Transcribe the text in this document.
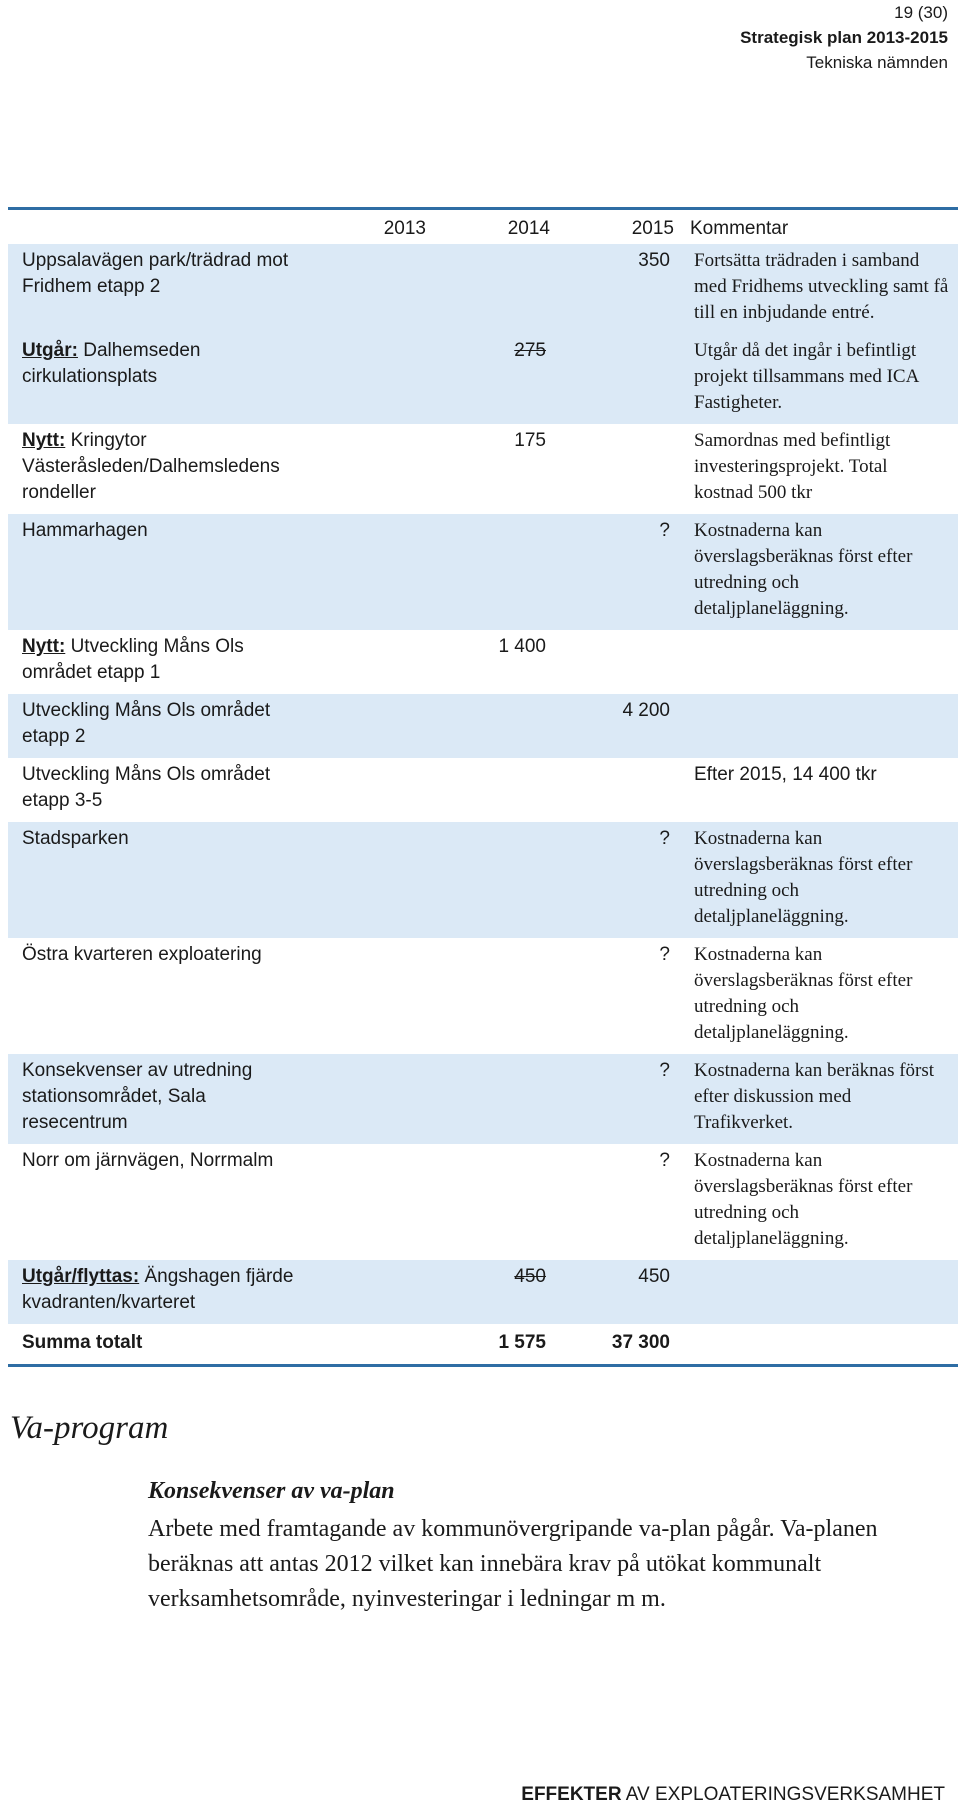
19 (30)
Strategisk plan 2013-2015
Tekniska nämnden
	2013	2014	2015	Kommentar
Uppsalavägen park/trädrad mot Fridhem etapp 2			350	Fortsätta trädraden i samband med Fridhems utveckling samt få till en inbjudande entré.
Utgår: Dalhemseden cirkulationsplats		275		Utgår då det ingår i befintligt projekt tillsammans med ICA Fastigheter.
Nytt: Kringytor Västeråsleden/Dalhemsledens rondeller		175		Samordnas med befintligt investeringsprojekt. Total kostnad 500 tkr
Hammarhagen			?	Kostnaderna kan överslagsberäknas först efter utredning och detaljplaneläggning.
Nytt: Utveckling Måns Ols området etapp 1		1 400		
Utveckling Måns Ols området etapp 2			4 200	
Utveckling Måns Ols området etapp 3-5				Efter 2015, 14 400 tkr
Stadsparken			?	Kostnaderna kan överslagsberäknas först efter utredning och detaljplaneläggning.
Östra kvarteren exploatering			?	Kostnaderna kan överslagsberäknas först efter utredning och detaljplaneläggning.
Konsekvenser av utredning stationsområdet, Sala resecentrum			?	Kostnaderna kan beräknas först efter diskussion med Trafikverket.
Norr om järnvägen, Norrmalm			?	Kostnaderna kan överslagsberäknas först efter utredning och detaljplaneläggning.
Utgår/flyttas: Ängshagen fjärde kvadranten/kvarteret		450	450	
Summa totalt		1 575	37 300	
Va-program
Konsekvenser av va-plan
Arbete med framtagande av kommunövergripande va-plan pågår. Va-planen beräknas att antas 2012 vilket kan innebära krav på utökat kommunalt verksamhetsområde, nyinvesteringar i ledningar m m.
EFFEKTER AV EXPLOATERINGSVERKSAMHET
